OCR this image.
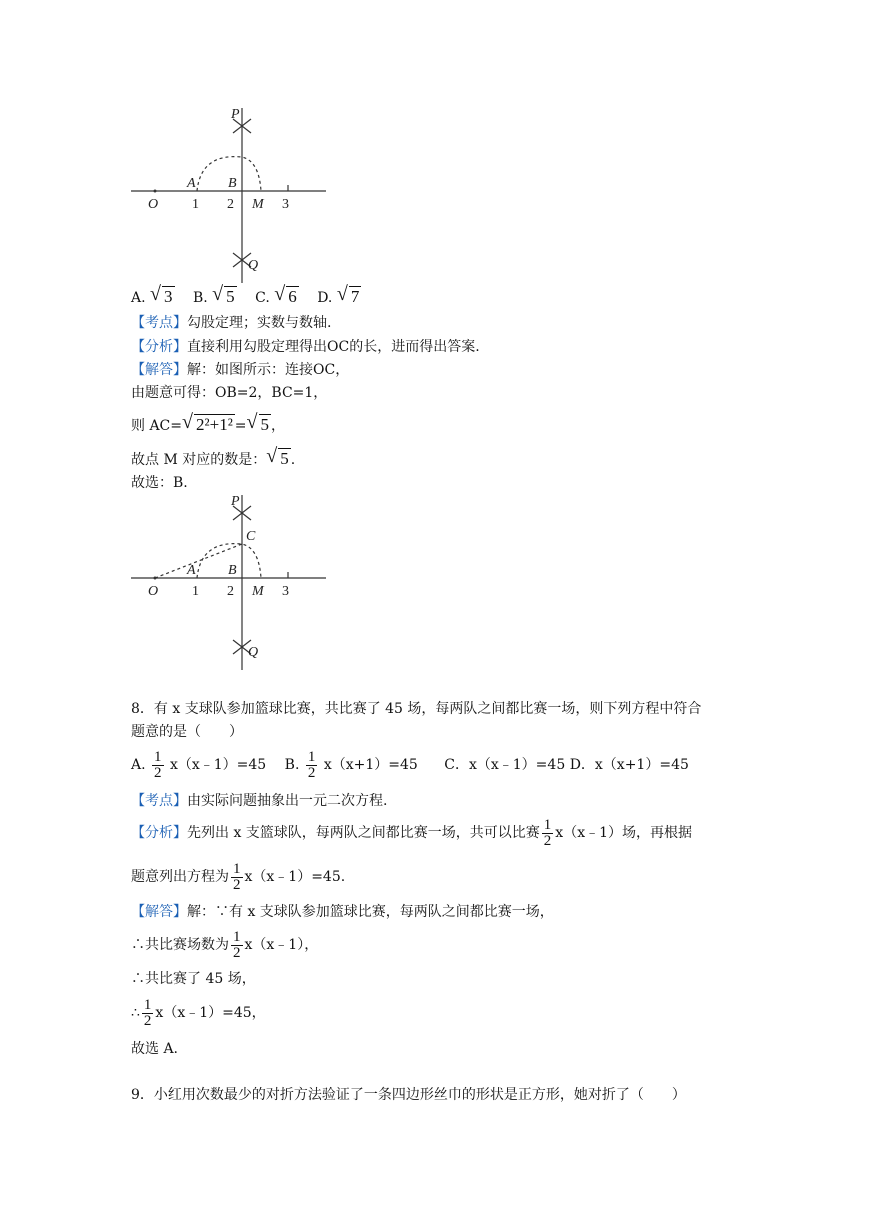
P
Q
A B
O	M
1 2	3
A. √ 3 B. √ 5 C. √ 6 D. √ 7
【考点】勾股定理；实数与数轴.
【分析】直接利用勾股定理得出OC的长，进而得出答案.
【解答】解：如图所示：连接OC，
由题意可得：OB=2，BC=1，
则 AC= √ 2²+1² = √ 5 ，
故点 M 对应的数是： √ 5 .
故选：B.
P
Q
C
A B
O	M
1 2	3
8．有 x 支球队参加篮球比赛，共比赛了 45 场，每两队之间都比赛一场，则下列方程中符合
题意的是（　　）
A. $\frac{1}{2}$ x（x﹣1）=45 B. $\frac{1}{2} x(x+1)=45$ C．x（x﹣1）=45 D．x（x+1）=45
【考点】由实际问题抽象出一元二次方程.
【分析】先列出 x 支篮球队，每两队之间都比赛一场，共可以比赛 $\frac{1}{2}$ x（x﹣1）场，再根据
题意列出方程为 $\frac{1}{2}$ x（x﹣1）=45.
【解答】解：∵有 x 支球队参加篮球比赛，每两队之间都比赛一场，
∴共比赛场数为 $\frac{1}{2}$ x（x﹣1），
∴共比赛了 45 场，
∴ $\frac{1}{2}$ x（x﹣1）=45，
故选 A.
9．小红用次数最少的对折方法验证了一条四边形丝巾的形状是正方形，她对折了（　　）
